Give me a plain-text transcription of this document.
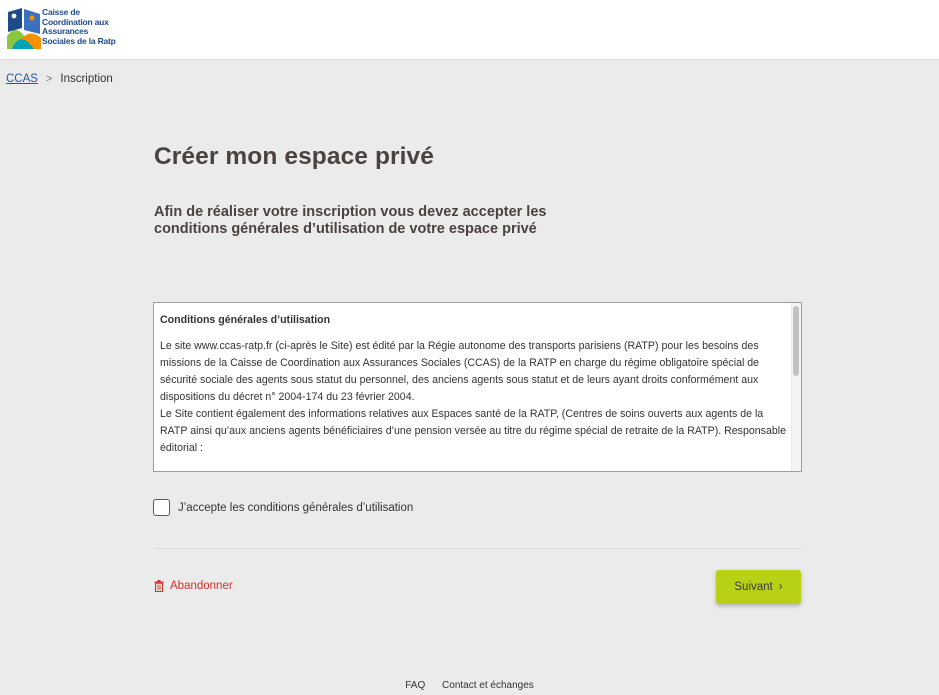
Caisse de
Coordination aux
Assurances
Sociales de la Ratp
CCAS > Inscription
Créer mon espace privé
Afin de réaliser votre inscription vous devez accepter les conditions générales d’utilisation de votre espace privé
Conditions générales d’utilisation

Le site www.ccas-ratp.fr (ci-après le Site) est édité par la Régie autonome des transports parisiens (RATP) pour les besoins des missions de la Caisse de Coordination aux Assurances Sociales (CCAS) de la RATP en charge du régime obligatoire spécial de sécurité sociale des agents sous statut du personnel, des anciens agents sous statut et de leurs ayant droits conformément aux dispositions du décret n° 2004-174 du 23 février 2004.

Le Site contient également des informations relatives aux Espaces santé de la RATP, (Centres de soins ouverts aux agents de la RATP ainsi qu’aux anciens agents bénéficiaires d’une pension versée au titre du régime spécial de retraite de la RATP). Responsable éditorial :

J’accepte les conditions générales d’utilisation
Abandonner	Suivant ›
FAQ Contact et échanges
